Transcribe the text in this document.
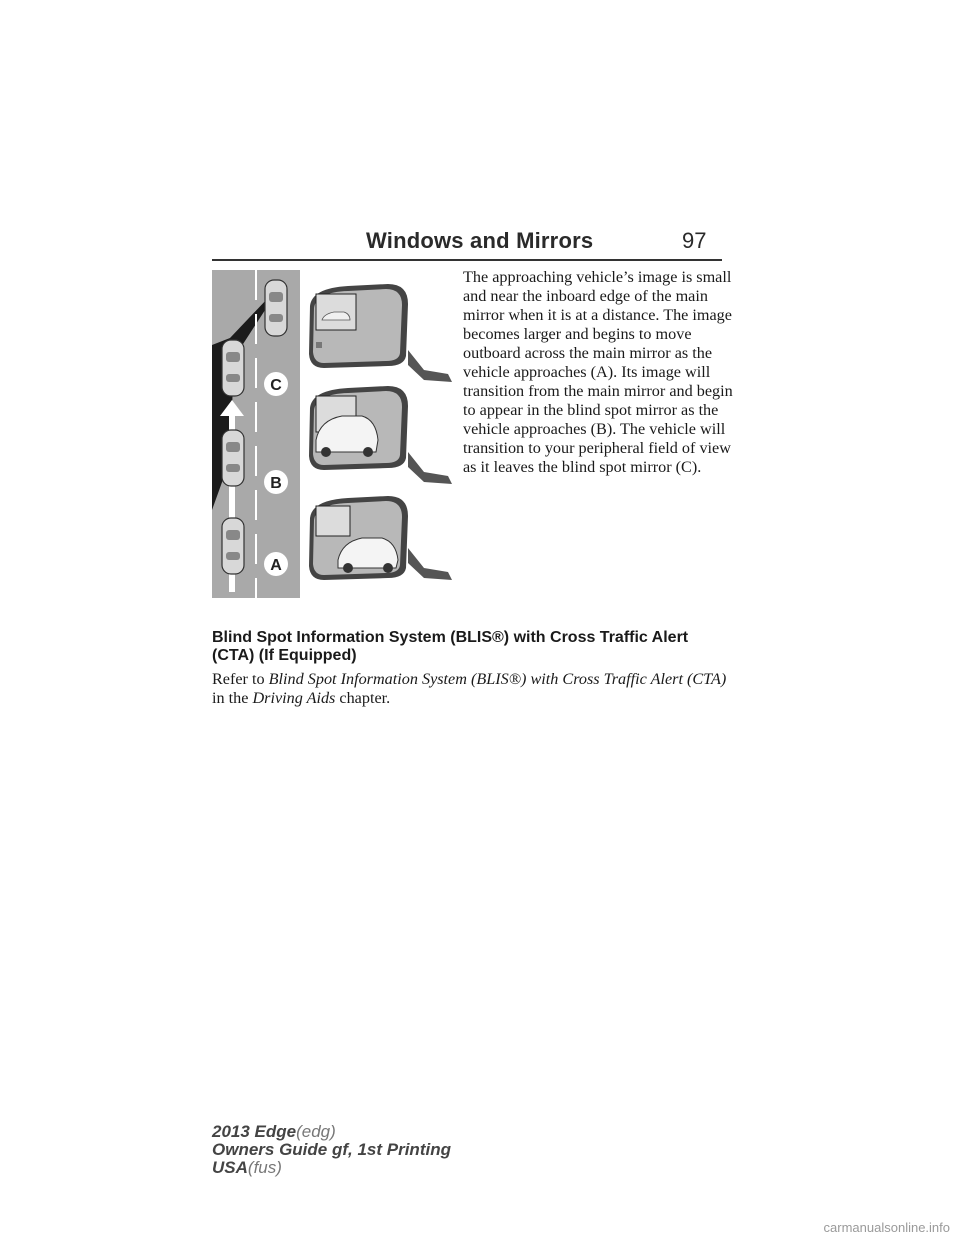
Windows and Mirrors	97
C
B
A

The approaching vehicle’s image is small and near the inboard edge of the main mirror when it is at a distance. The image becomes larger and begins to move outboard across the main mirror as the vehicle approaches (A). Its image will transition from the main mirror and begin to appear in the blind spot mirror as the vehicle approaches (B). The vehicle will transition to your peripheral field of view as it leaves the blind spot mirror (C).

Blind Spot Information System (BLIS®) with Cross Traffic Alert (CTA) (If Equipped)

Refer to Blind Spot Information System (BLIS®) with Cross Traffic Alert (CTA) in the Driving Aids chapter.

2013 Edge(edg)
Owners Guide gf, 1st Printing
USA(fus)
carmanualsonline.info
